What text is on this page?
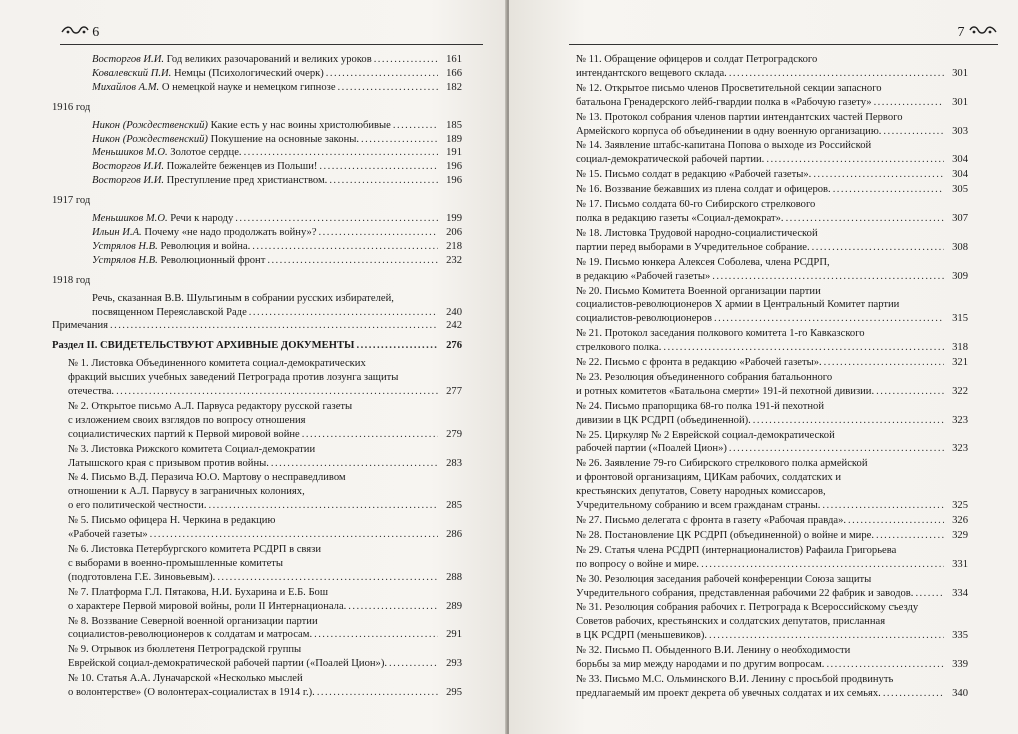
6
Восторгов И.И. Год великих разочарований и великих уроков . . .	161
Ковалевский П.И. Немцы (Психологический очерк) . . .	166
Михайлов А.М. О немецкой науке и немецком гипнозе . . .	182
1916 год
Никон (Рождественский) Какие есть у нас воины христолюбивые . . .	185
Никон (Рождественский) Покушение на основные законы. . . .	189
Меньшиков М.О. Золотое сердце. . . .	191
Восторгов И.И. Пожалейте беженцев из Польши! . . .	196
Восторгов И.И. Преступление пред христианством. . . .	196
1917 год
Меньшиков М.О. Речи к народу . . .	199
Ильин И.А. Почему «не надо продолжать войну»? . . .	206
Устрялов Н.В. Революция и война. . . .	218
Устрялов Н.В. Революционный фронт . . .	232
1918 год
Речь, сказанная В.В. Шульгиным в собрании русских избирателей,
посвященном Переяславской Раде . . .	240
Примечания . . .	242
Раздел II. СВИДЕТЕЛЬСТВУЮТ АРХИВНЫЕ ДОКУМЕНТЫ . . .	276
№ 1. Листовка Объединенного комитета социал-демократических
фракций высших учебных заведений Петрограда против лозунга защиты
отечества. . . .	277
№ 2. Открытое письмо А.Л. Парвуса редактору русской газеты
с изложением своих взглядов по вопросу отношения
социалистических партий к Первой мировой войне . . .	279
№ 3. Листовка Рижского комитета Социал-демократии
Латышского края с призывом против войны. . . .	283
№ 4. Письмо В.Д. Перазича Ю.О. Мартову о несправедливом
отношении к А.Л. Парвусу в заграничных колониях,
о его политической честности. . . .	285
№ 5. Письмо офицера Н. Черкина в редакцию
«Рабочей газеты» . . .	286
№ 6. Листовка Петербургского комитета РСДРП в связи
с выборами в военно-промышленные комитеты
(подготовлена Г.Е. Зиновьевым). . . .	288
№ 7. Платформа Г.Л. Пятакова, Н.И. Бухарина и Е.Б. Бош
о характере Первой мировой войны, роли II Интернационала. . . .	289
№ 8. Воззвание Северной военной организации партии
социалистов-революционеров к солдатам и матросам. . . .	291
№ 9. Отрывок из бюллетеня Петроградской группы
Еврейской социал-демократической рабочей партии («Поалей Цион»). . . .	293
№ 10. Статья А.А. Луначарской «Несколько мыслей
о волонтерстве» (О волонтерах-социалистах в 1914 г.). . . .	295
7
№ 11. Обращение офицеров и солдат Петроградского
интендантского вещевого склада. . . .	301
№ 12. Открытое письмо членов Просветительной секции запасного
батальона Гренадерского лейб-гвардии полка в «Рабочую газету» . . .	301
№ 13. Протокол собрания членов партии интендантских частей Первого
Армейского корпуса об объединении в одну военную организацию. . . .	303
№ 14. Заявление штабс-капитана Попова о выходе из Российской
социал-демократической рабочей партии. . . .	304
№ 15. Письмо солдат в редакцию «Рабочей газеты». . . .	304
№ 16. Воззвание бежавших из плена солдат и офицеров. . . .	305
№ 17. Письмо солдата 60-го Сибирского стрелкового
полка в редакцию газеты «Социал-демократ». . . .	307
№ 18. Листовка Трудовой народно-социалистической
партии перед выборами в Учредительное собрание. . . .	308
№ 19. Письмо юнкера Алексея Соболева, члена РСДРП,
в редакцию «Рабочей газеты» . . .	309
№ 20. Письмо Комитета Военной организации партии
социалистов-революционеров X армии в Центральный Комитет партии
социалистов-революционеров . . .	315
№ 21. Протокол заседания полкового комитета 1-го Кавказского
стрелкового полка. . . .	318
№ 22. Письмо с фронта в редакцию «Рабочей газеты». . . .	321
№ 23. Резолюция объединенного собрания батальонного
и ротных комитетов «Батальона смерти» 191-й пехотной дивизии. . . .	322
№ 24. Письмо прапорщика 68-го полка 191-й пехотной
дивизии в ЦК РСДРП (объединенной). . . .	323
№ 25. Циркуляр № 2 Еврейской социал-демократической
рабочей партии («Поалей Цион») . . .	323
№ 26. Заявление 79-го Сибирского стрелкового полка армейской
и фронтовой организациям, ЦИКам рабочих, солдатских и
крестьянских депутатов, Совету народных комиссаров,
Учредительному собранию и всем гражданам страны. . . .	325
№ 27. Письмо делегата с фронта в газету «Рабочая правда». . . .	326
№ 28. Постановление ЦК РСДРП (объединенной) о войне и мире. . . .	329
№ 29. Статья члена РСДРП (интернационалистов) Рафаила Григорьева
по вопросу о войне и мире. . . .	331
№ 30. Резолюция заседания рабочей конференции Союза защиты
Учредительного собрания, представленная рабочими 22 фабрик и заводов. . . .	334
№ 31. Резолюция собрания рабочих г. Петрограда к Всероссийскому съезду
Советов рабочих, крестьянских и солдатских депутатов, присланная
в ЦК РСДРП (меньшевиков). . . .	335
№ 32. Письмо П. Обыденного В.И. Ленину о необходимости
борьбы за мир между народами и по другим вопросам. . . .	339
№ 33. Письмо М.С. Ольминского В.И. Ленину с просьбой продвинуть
предлагаемый им проект декрета об увечных солдатах и их семьях. . . .	340
